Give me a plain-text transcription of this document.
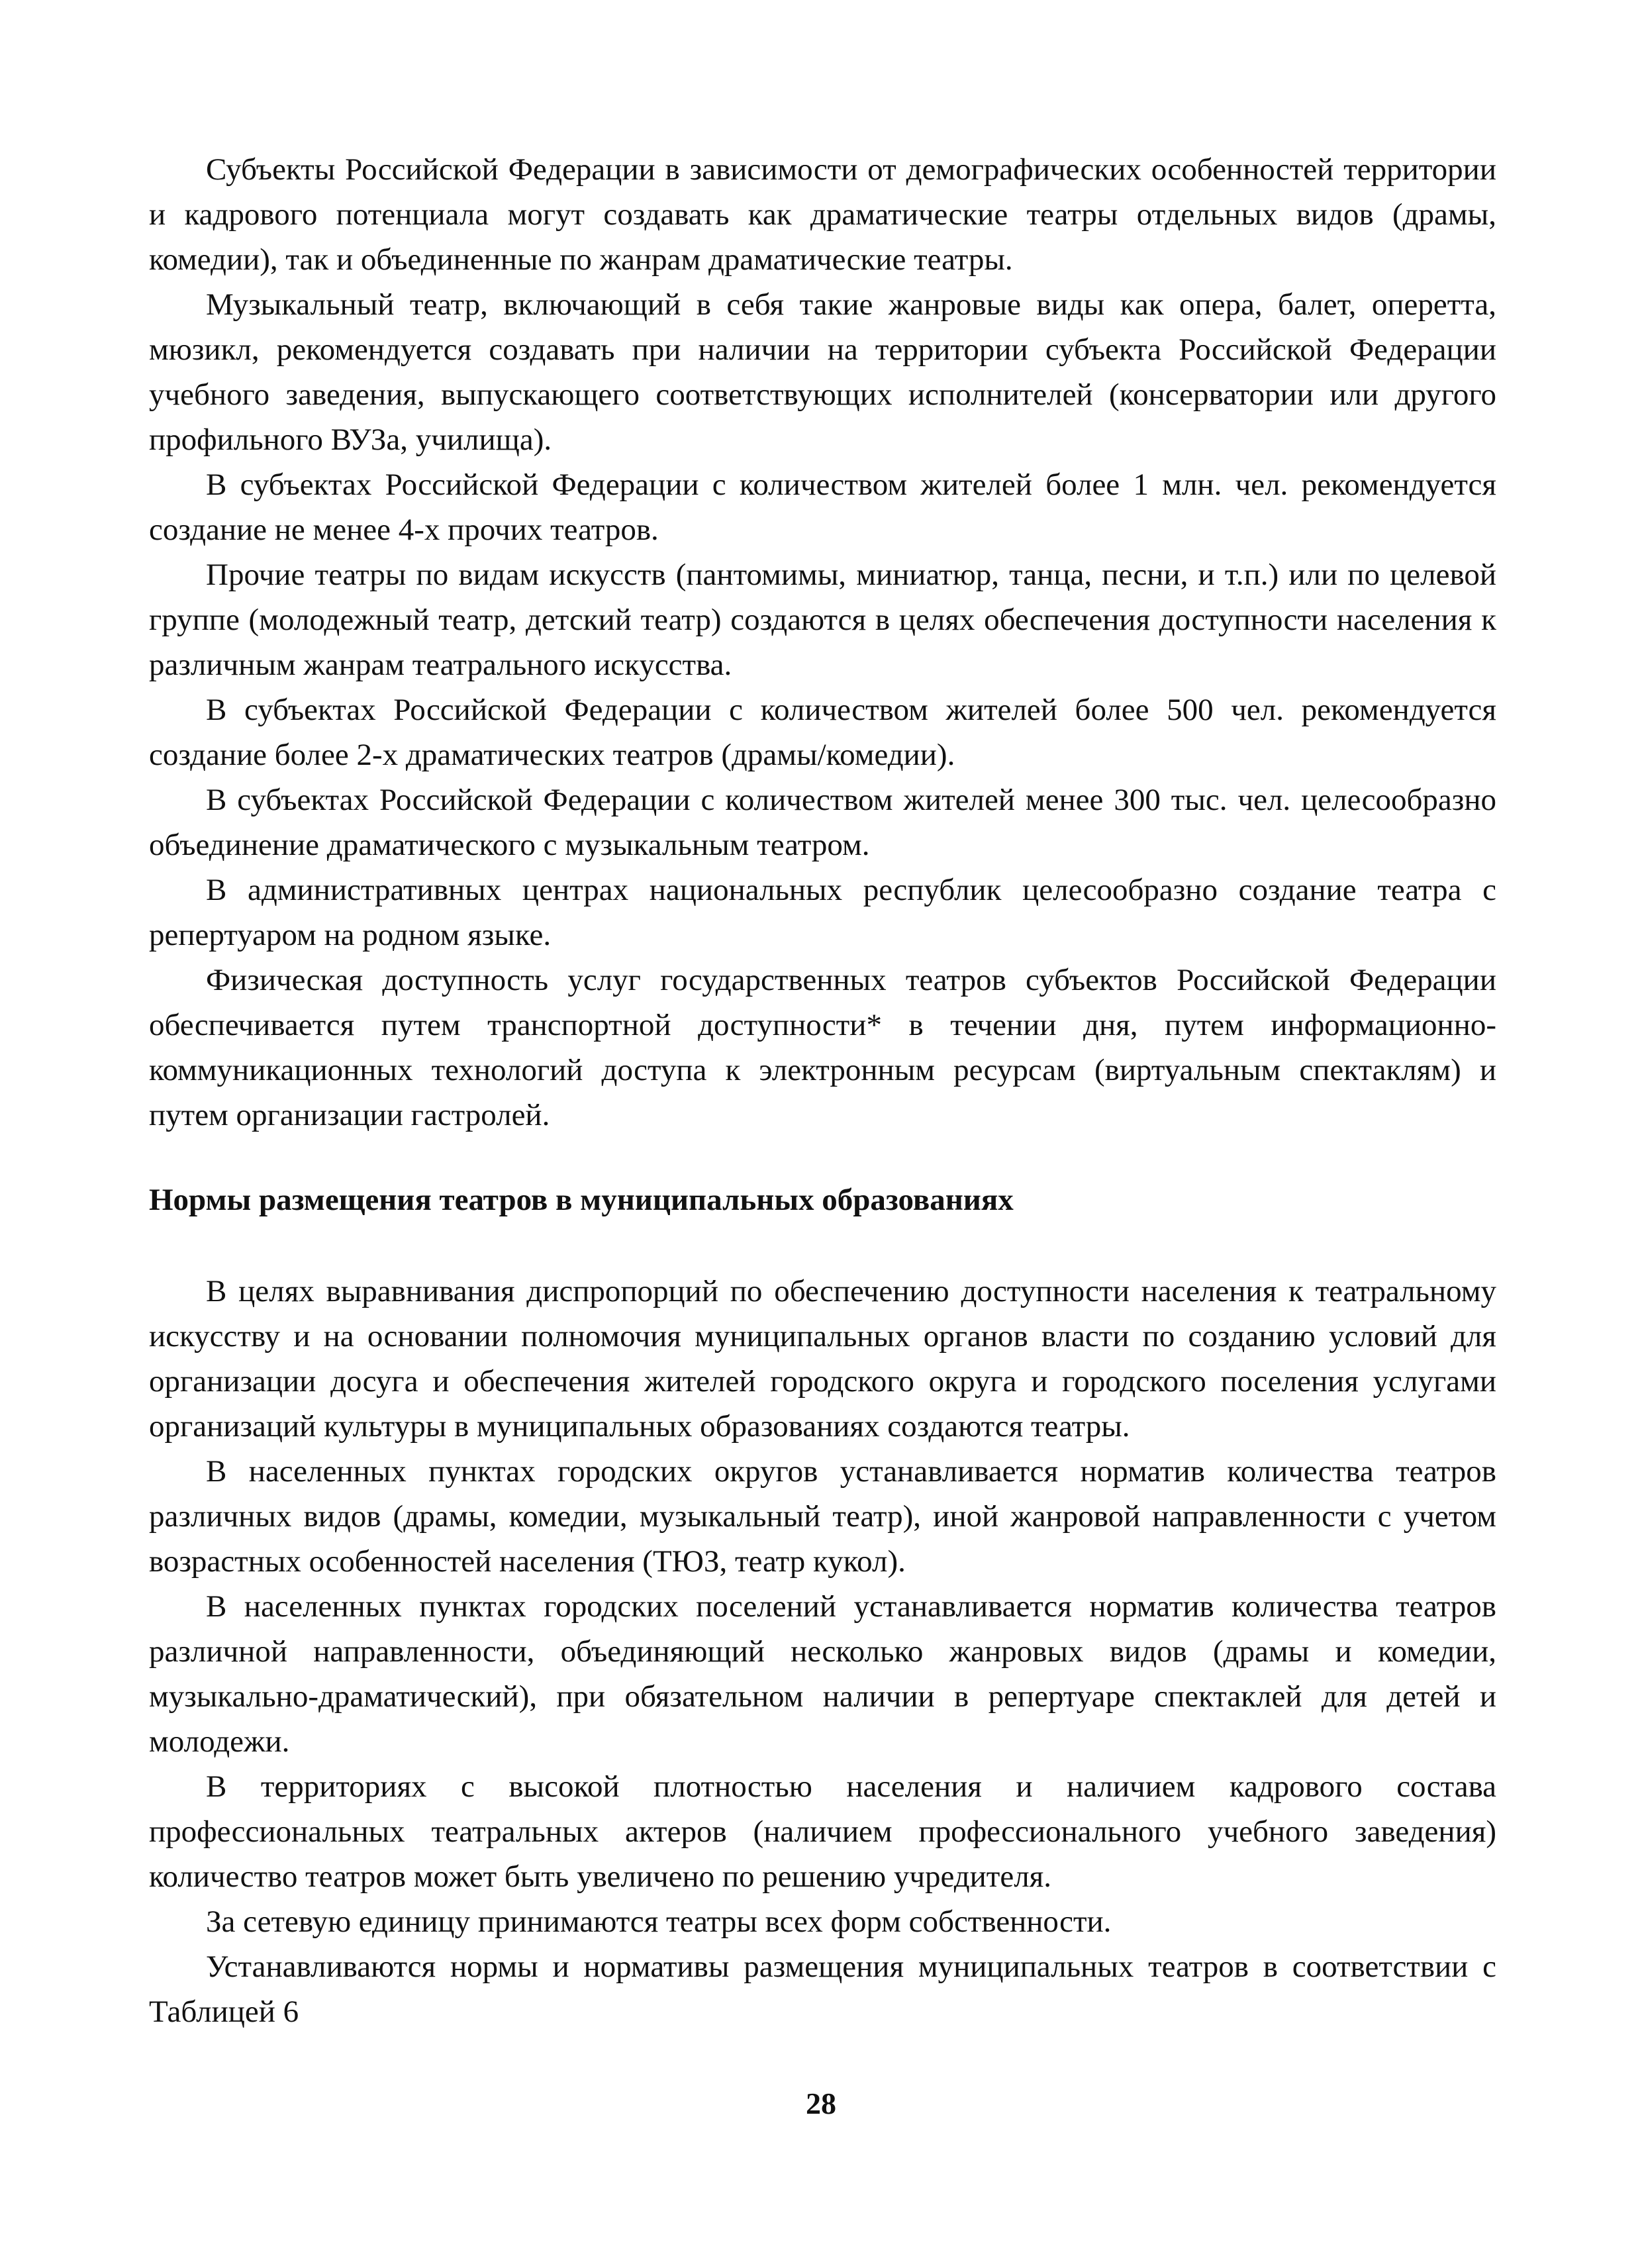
Субъекты Российской Федерации в зависимости от демографических особенностей территории и кадрового потенциала могут создавать как драматические театры отдельных видов (драмы, комедии), так и объединенные по жанрам драматические театры.

Музыкальный театр, включающий в себя такие жанровые виды как опера, балет, оперетта, мюзикл, рекомендуется создавать при наличии на территории субъекта Российской Федерации учебного заведения, выпускающего соответствующих исполнителей (консерватории или другого профильного ВУЗа, училища).

В субъектах Российской Федерации с количеством жителей более 1 млн. чел. рекомендуется создание не менее 4-х прочих театров.

Прочие театры по видам искусств (пантомимы, миниатюр, танца, песни, и т.п.) или по целевой группе (молодежный театр, детский театр) создаются в целях обеспечения доступности населения к различным жанрам театрального искусства.

В субъектах Российской Федерации с количеством жителей более 500 чел. рекомендуется создание более 2-х драматических театров (драмы/комедии).

В субъектах Российской Федерации с количеством жителей менее 300 тыс. чел. целесообразно объединение драматического с музыкальным театром.

В административных центрах национальных республик целесообразно создание театра с репертуаром на родном языке.

Физическая доступность услуг государственных театров субъектов Российской Федерации обеспечивается путем транспортной доступности* в течении дня, путем информационно-коммуникационных технологий доступа к электронным ресурсам (виртуальным спектаклям) и путем организации гастролей.

Нормы размещения театров в муниципальных образованиях

В целях выравнивания диспропорций по обеспечению доступности населения к театральному искусству и на основании полномочия муниципальных органов власти по созданию условий для организации досуга и обеспечения жителей городского округа и городского поселения услугами организаций культуры в муниципальных образованиях создаются театры.

В населенных пунктах городских округов устанавливается норматив количества театров различных видов (драмы, комедии, музыкальный театр), иной жанровой направленности с учетом возрастных особенностей населения (ТЮЗ, театр кукол).

В населенных пунктах городских поселений устанавливается норматив количества театров различной направленности, объединяющий несколько жанровых видов (драмы и комедии, музыкально-драматический), при обязательном наличии в репертуаре спектаклей для детей и молодежи.

В территориях с высокой плотностью населения и наличием кадрового состава профессиональных театральных актеров (наличием профессионального учебного заведения) количество театров может быть увеличено по решению учредителя.

За сетевую единицу принимаются театры всех форм собственности.

Устанавливаются нормы и нормативы размещения муниципальных театров в соответствии с Таблицей 6

28
